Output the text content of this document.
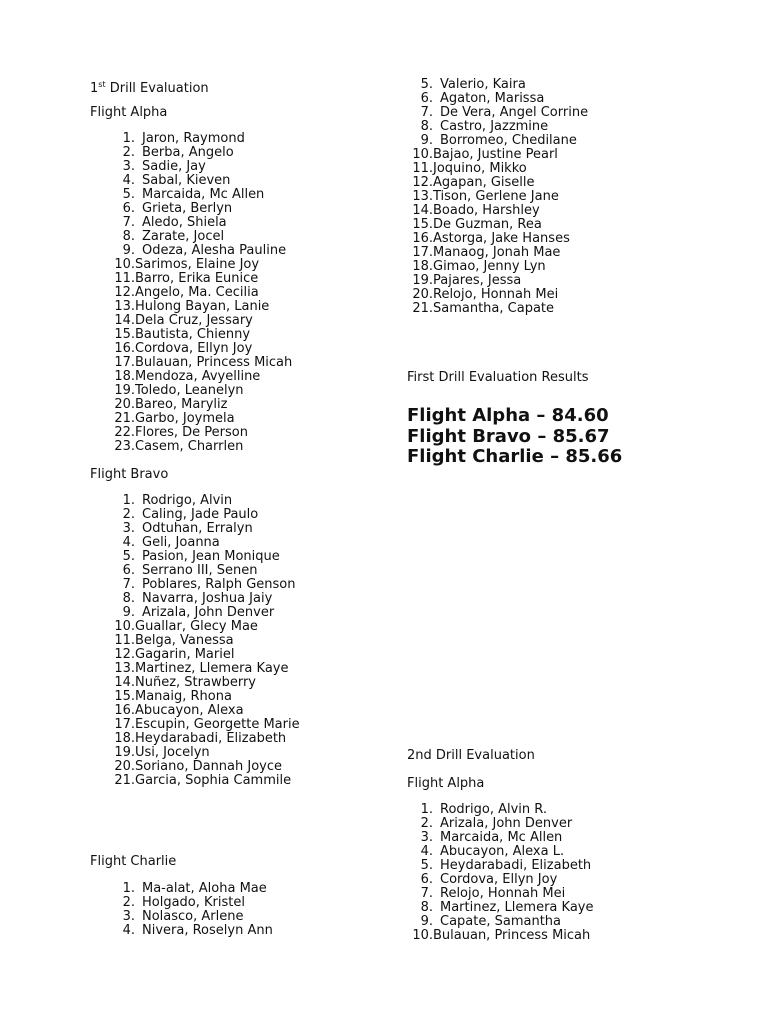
1st Drill Evaluation
Flight Alpha
1. Jaron, Raymond
2. Berba, Angelo
3. Sadie, Jay
4. Sabal, Kieven
5. Marcaida, Mc Allen
6. Grieta, Berlyn
7. Aledo, Shiela
8. Zarate, Jocel
9. Odeza, Alesha Pauline
10. Sarimos, Elaine Joy
11. Barro, Erika Eunice
12. Angelo, Ma. Cecilia
13. Hulong Bayan, Lanie
14. Dela Cruz, Jessary
15. Bautista, Chienny
16. Cordova, Ellyn Joy
17. Bulauan, Princess Micah
18. Mendoza, Avyelline
19. Toledo, Leanelyn
20. Bareo, Maryliz
21. Garbo, Joymela
22. Flores, De Person
23. Casem, Charrlen
Flight Bravo
1. Rodrigo, Alvin
2. Caling, Jade Paulo
3. Odtuhan, Erralyn
4. Geli, Joanna
5. Pasion, Jean Monique
6. Serrano III, Senen
7. Poblares, Ralph Genson
8. Navarra, Joshua Jaiy
9. Arizala, John Denver
10. Guallar, Glecy Mae
11. Belga, Vanessa
12. Gagarin, Mariel
13. Martinez, Llemera Kaye
14. Nuñez, Strawberry
15. Manaig, Rhona
16. Abucayon, Alexa
17. Escupin, Georgette Marie
18. Heydarabadi, Elizabeth
19. Usi, Jocelyn
20. Soriano, Dannah Joyce
21. Garcia, Sophia Cammile
Flight Charlie
1. Ma-alat, Aloha Mae
2. Holgado, Kristel
3. Nolasco, Arlene
4. Nivera, Roselyn Ann
5. Valerio, Kaira
6. Agaton, Marissa
7. De Vera, Angel Corrine
8. Castro, Jazzmine
9. Borromeo, Chedilane
10. Bajao, Justine Pearl
11. Joquino, Mikko
12. Agapan, Giselle
13. Tison, Gerlene Jane
14. Boado, Harshley
15. De Guzman, Rea
16. Astorga, Jake Hanses
17. Manaog, Jonah Mae
18. Gimao, Jenny Lyn
19. Pajares, Jessa
20. Relojo, Honnah Mei
21. Samantha, Capate
First Drill Evaluation Results
Flight Alpha – 84.60
Flight Bravo – 85.67
Flight Charlie – 85.66
2nd Drill Evaluation
Flight Alpha
1. Rodrigo, Alvin R.
2. Arizala, John Denver
3. Marcaida, Mc Allen
4. Abucayon, Alexa L.
5. Heydarabadi, Elizabeth
6. Cordova, Ellyn Joy
7. Relojo, Honnah Mei
8. Martinez, Llemera Kaye
9. Capate, Samantha
10. Bulauan, Princess Micah
